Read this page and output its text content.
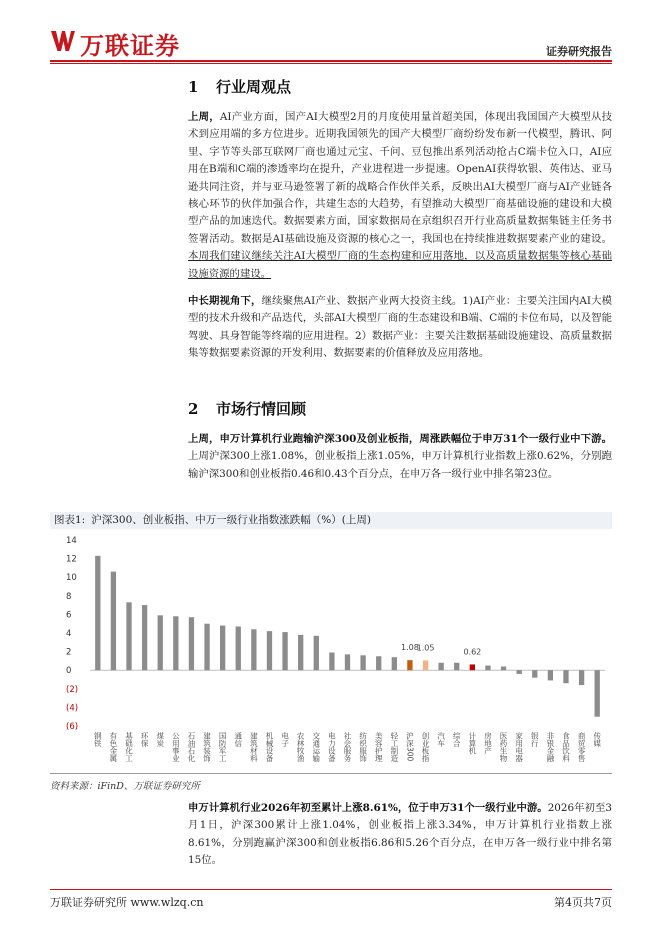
万联证券	证券研究报告
1 行业周观点
上周，AI产业方面，国产AI大模型2月的月度使用量首超美国，体现出我国国产大模型从技术到应用端的多方位进步。近期我国领先的国产大模型厂商纷纷发布新一代模型，腾讯、阿里、字节等头部互联网厂商也通过元宝、千问、豆包推出系列活动抢占C端卡位入口，AI应用在B端和C端的渗透率均在提升，产业进程进一步提速。OpenAI获得软银、英伟达、亚马逊共同注资，并与亚马逊签署了新的战略合作伙伴关系，反映出AI大模型厂商与AI产业链各核心环节的伙伴加强合作，共建生态的大趋势，有望推动大模型厂商基础设施的建设和大模型产品的加速迭代。数据要素方面，国家数据局在京组织召开行业高质量数据集链主任务书签署活动。数据是AI基础设施及资源的核心之一，我国也在持续推进数据要素产业的建设。本周我们建议继续关注AI大模型厂商的生态构建和应用落地，以及高质量数据集等核心基础设施资源的建设。
中长期视角下，继续聚焦AI产业、数据产业两大投资主线。1)AI产业：主要关注国内AI大模型的技术升级和产品迭代，头部AI大模型厂商的生态建设和B端、C端的卡位布局，以及智能驾驶、具身智能等终端的应用进程。2）数据产业：主要关注数据基础设施建设、高质量数据集等数据要素资源的开发利用、数据要素的价值释放及应用落地。
2 市场行情回顾
上周，申万计算机行业跑输沪深300及创业板指，周涨跌幅位于申万31个一级行业中下游。上周沪深300上涨1.08%，创业板指上涨1.05%，申万计算机行业指数上涨0.62%，分别跑输沪深300和创业板指0.46和0.43个百分点，在申万各一级行业中排名第23位。
图表1: 沪深300、创业板指、中万一级行业指数涨跌幅（%）(上周)
14
12
10
8
6
4
2
0
(2)
(4)
(6)
钢铁 有色金属 基础化工 环保 煤炭 公用事业 石油石化 建筑装饰 国防军工 通信 建筑材料 机械设备 电子 农林牧渔 交通运输 电力设备 社会服务 纺织服饰 美容护理 轻工制造
1.08
沪深300
1.05
创业板指 汽车 综合
0.62
计算机 房地产 医药生物 家用电器 银行 非银金融 食品饮料 商贸零售 传媒
资料来源：iFinD、万联证券研究所
申万计算机行业2026年初至累计上涨8.61%，位于申万31个一级行业中游。2026年初至3月1日，沪深300累计上涨1.04%，创业板指上涨3.34%，申万计算机行业指数上涨8.61%，分别跑赢沪深300和创业板指6.86和5.26个百分点，在申万各一级行业中排名第15位。
万联证券研究所 www.wlzq.cn	第4页共7页
